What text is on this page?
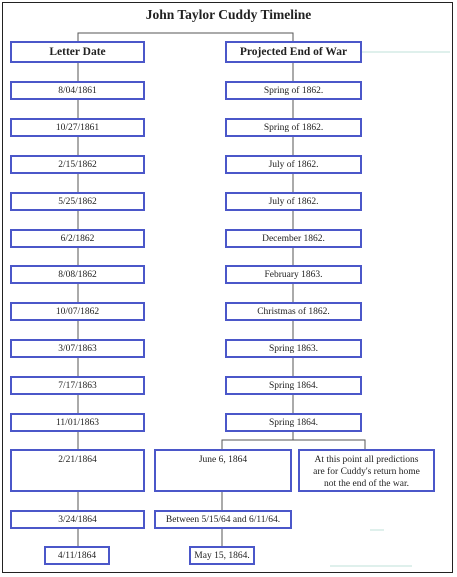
John Taylor Cuddy Timeline
Letter Date	Projected End of War
8/04/1861	Spring of 1862.
10/27/1861	Spring of 1862.
2/15/1862	July of 1862.
5/25/1862	July of 1862.
6/2/1862	December 1862.
8/08/1862	February 1863.
10/07/1862	Christmas of 1862.
3/07/1863	Spring 1863.
7/17/1863	Spring 1864.
11/01/1863	Spring 1864.
2/21/1864	June 6, 1864	At this point all predictions are for Cuddy's return home not the end of the war.
3/24/1864	Between 5/15/64 and 6/11/64.
4/11/1864	May 15, 1864.
